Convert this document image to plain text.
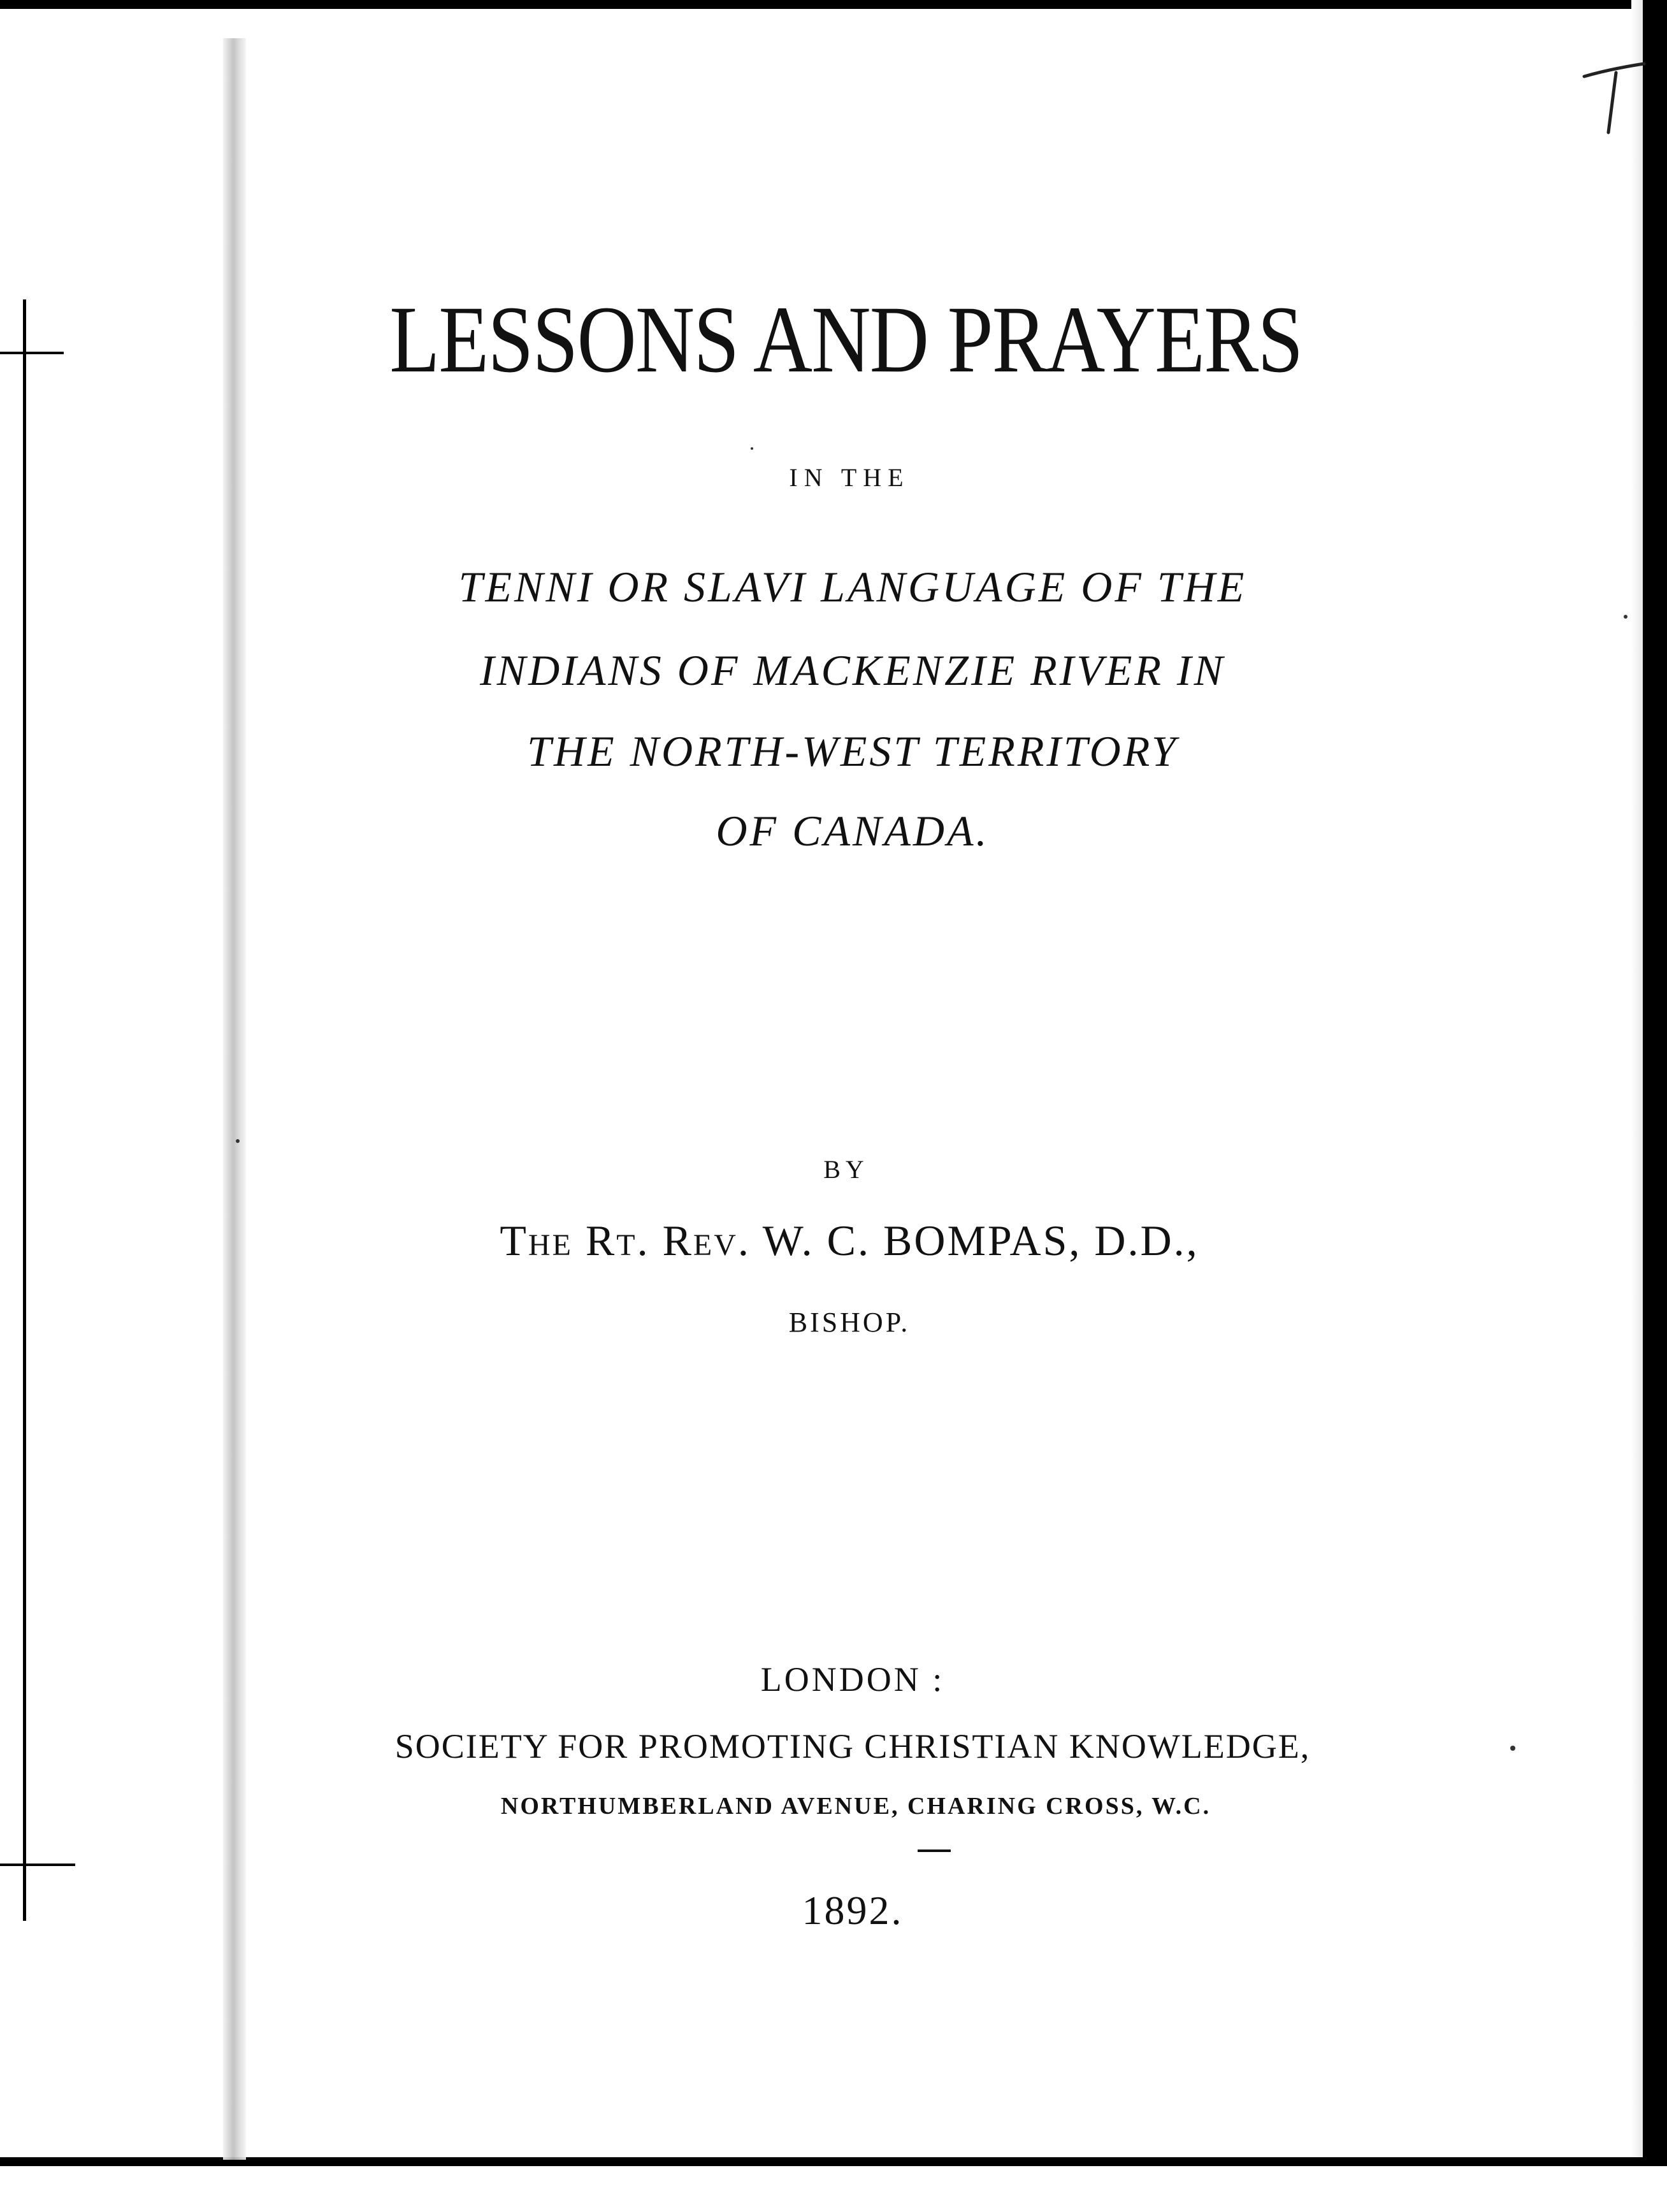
LESSONS AND PRAYERS
IN THE
TENNI OR SLAVI LANGUAGE OF THE
INDIANS OF MACKENZIE RIVER IN
THE NORTH-WEST TERRITORY
OF CANADA.
BY
The Rt. Rev. W. C. BOMPAS, D.D.,
BISHOP.
LONDON :
SOCIETY FOR PROMOTING CHRISTIAN KNOWLEDGE,
NORTHUMBERLAND AVENUE, CHARING CROSS, W.C.
1892.
